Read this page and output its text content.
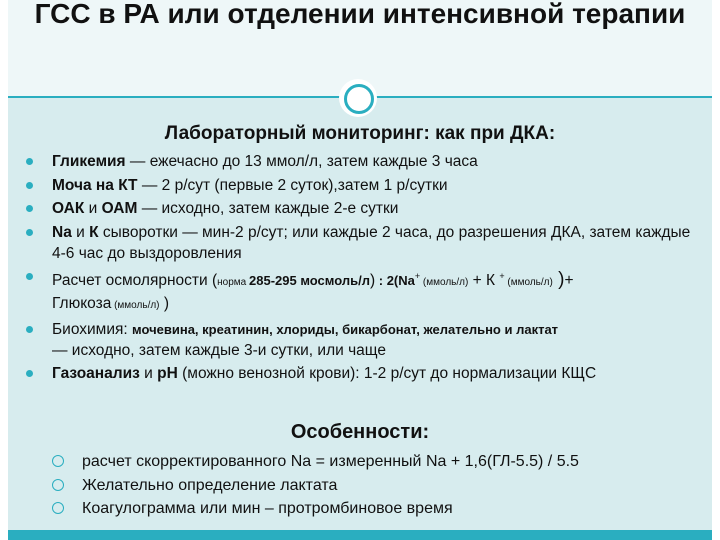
ГСС в РА или отделении интенсивной терапии
Лабораторный мониторинг: как при ДКА:
Гликемия — ежечасно до 13 ммол/л, затем каждые 3 часа
Моча на КТ — 2 р/сут (первые 2 суток),затем 1 р/сутки
ОАК и ОАМ — исходно, затем каждые 2-е сутки
Na и К сыворотки — мин-2 р/сут; или каждые 2 часа, до разрешения ДКА, затем каждые 4-6 час до выздоровления
Расчет осмолярности (норма 285-295 мосмоль/л) : 2(Na+ (ммоль/л) + К + (ммоль/л) )+
Глюкоза (ммоль/л) )
Биохимия: мочевина, креатинин, хлориды, бикарбонат, желательно и лактат
— исходно, затем каждые 3-и сутки, или чаще
Газоанализ и рН (можно венозной крови): 1-2 р/сут до нормализации КЩС
Особенности:
расчет скорректированного Na = измеренный Na + 1,6(ГЛ-5.5) / 5.5
Желательно определение лактата
Коагулограмма или мин – протромбиновое время
